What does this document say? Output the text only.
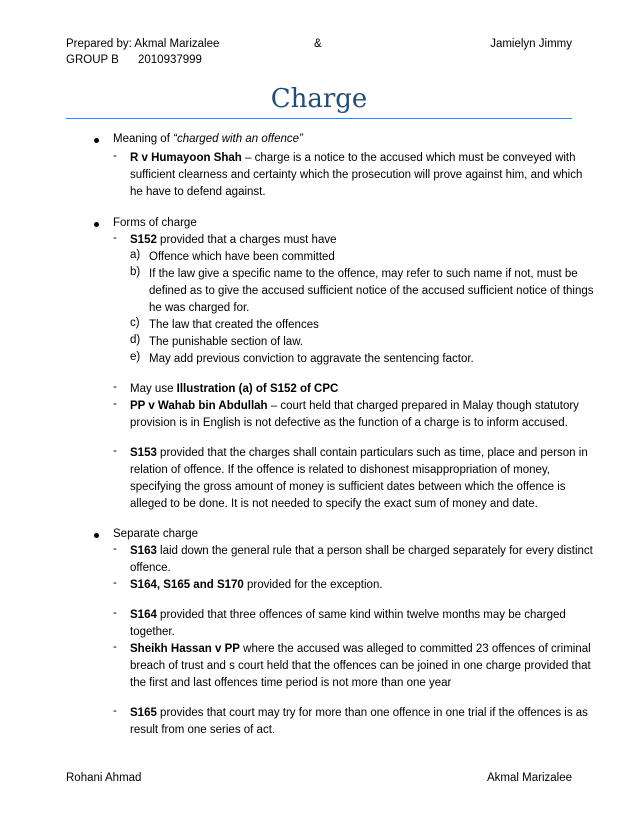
Prepared by: Akmal Marizalee	&	Jamielyn Jimmy
GROUP B 2010937999
Charge
Meaning of “charged with an offence”
- R v Humayoon Shah – charge is a notice to the accused which must be conveyed with
sufficient clearness and certainty which the prosecution will prove against him, and which
he have to defend against.
Forms of charge
- S152 provided that a charges must have
a) Offence which have been committed
b) If the law give a specific name to the offence, may refer to such name if not, must be
defined as to give the accused sufficient notice of the accused sufficient notice of things
he was charged for.
c) The law that created the offences
d) The punishable section of law.
e) May add previous conviction to aggravate the sentencing factor.
- May use Illustration (a) of S152 of CPC
- PP v Wahab bin Abdullah – court held that charged prepared in Malay though statutory
provision is in English is not defective as the function of a charge is to inform accused.
- S153 provided that the charges shall contain particulars such as time, place and person in
relation of offence. If the offence is related to dishonest misappropriation of money,
specifying the gross amount of money is sufficient dates between which the offence is
alleged to be done. It is not needed to specify the exact sum of money and date.
Separate charge
- S163 laid down the general rule that a person shall be charged separately for every distinct
offence.
- S164, S165 and S170 provided for the exception.
- S164 provided that three offences of same kind within twelve months may be charged
together.
- Sheikh Hassan v PP where the accused was alleged to committed 23 offences of criminal
breach of trust and s court held that the offences can be joined in one charge provided that
the first and last offences time period is not more than one year
- S165 provides that court may try for more than one offence in one trial if the offences is as
result from one series of act.
Rohani Ahmad	Akmal Marizalee
